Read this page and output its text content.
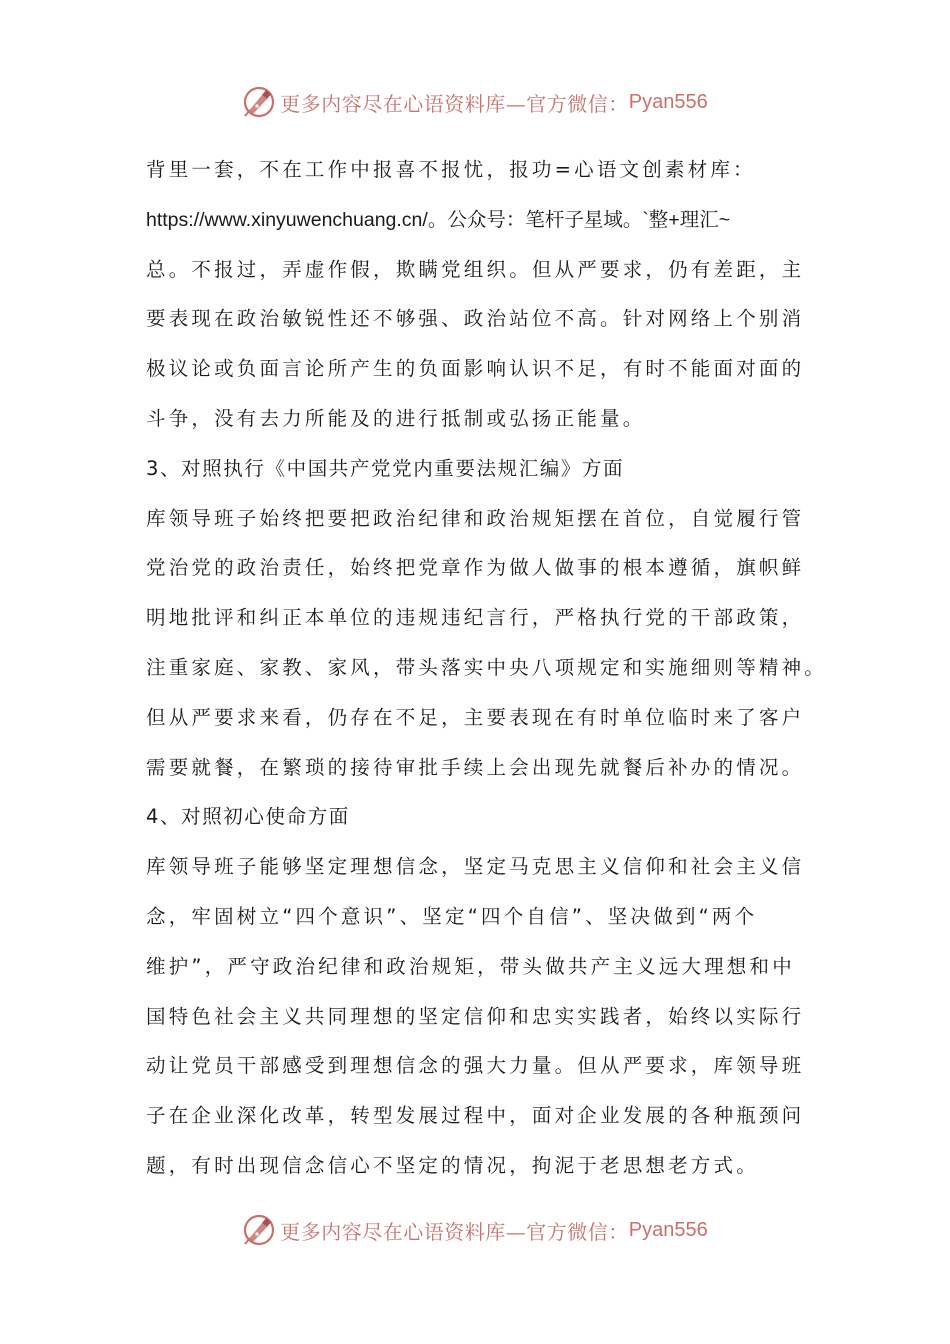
更多内容尽在心语资料库—官方微信： Pyan556
背里一套，不在工作中报喜不报忧，报功=心语文创素材库：
https://www.xinyuwenchuang.cn/。公众号：笔杆子星域。`整+理汇~
总。不报过，弄虚作假，欺瞒党组织。但从严要求，仍有差距，主
要表现在政治敏锐性还不够强、政治站位不高。针对网络上个别消
极议论或负面言论所产生的负面影响认识不足，有时不能面对面的
斗争，没有去力所能及的进行抵制或弘扬正能量。
3、对照执行《中国共产党党内重要法规汇编》方面
库领导班子始终把要把政治纪律和政治规矩摆在首位，自觉履行管
党治党的政治责任，始终把党章作为做人做事的根本遵循，旗帜鲜
明地批评和纠正本单位的违规违纪言行，严格执行党的干部政策，
注重家庭、家教、家风，带头落实中央八项规定和实施细则等精神。
但从严要求来看，仍存在不足，主要表现在有时单位临时来了客户
需要就餐，在繁琐的接待审批手续上会出现先就餐后补办的情况。
4、对照初心使命方面
库领导班子能够坚定理想信念，坚定马克思主义信仰和社会主义信
念，牢固树立“四个意识”、坚定“四个自信”、坚决做到“两个
维护”，严守政治纪律和政治规矩，带头做共产主义远大理想和中
国特色社会主义共同理想的坚定信仰和忠实实践者，始终以实际行
动让党员干部感受到理想信念的强大力量。但从严要求，库领导班
子在企业深化改革，转型发展过程中，面对企业发展的各种瓶颈问
题，有时出现信念信心不坚定的情况，拘泥于老思想老方式。
更多内容尽在心语资料库—官方微信： Pyan556
